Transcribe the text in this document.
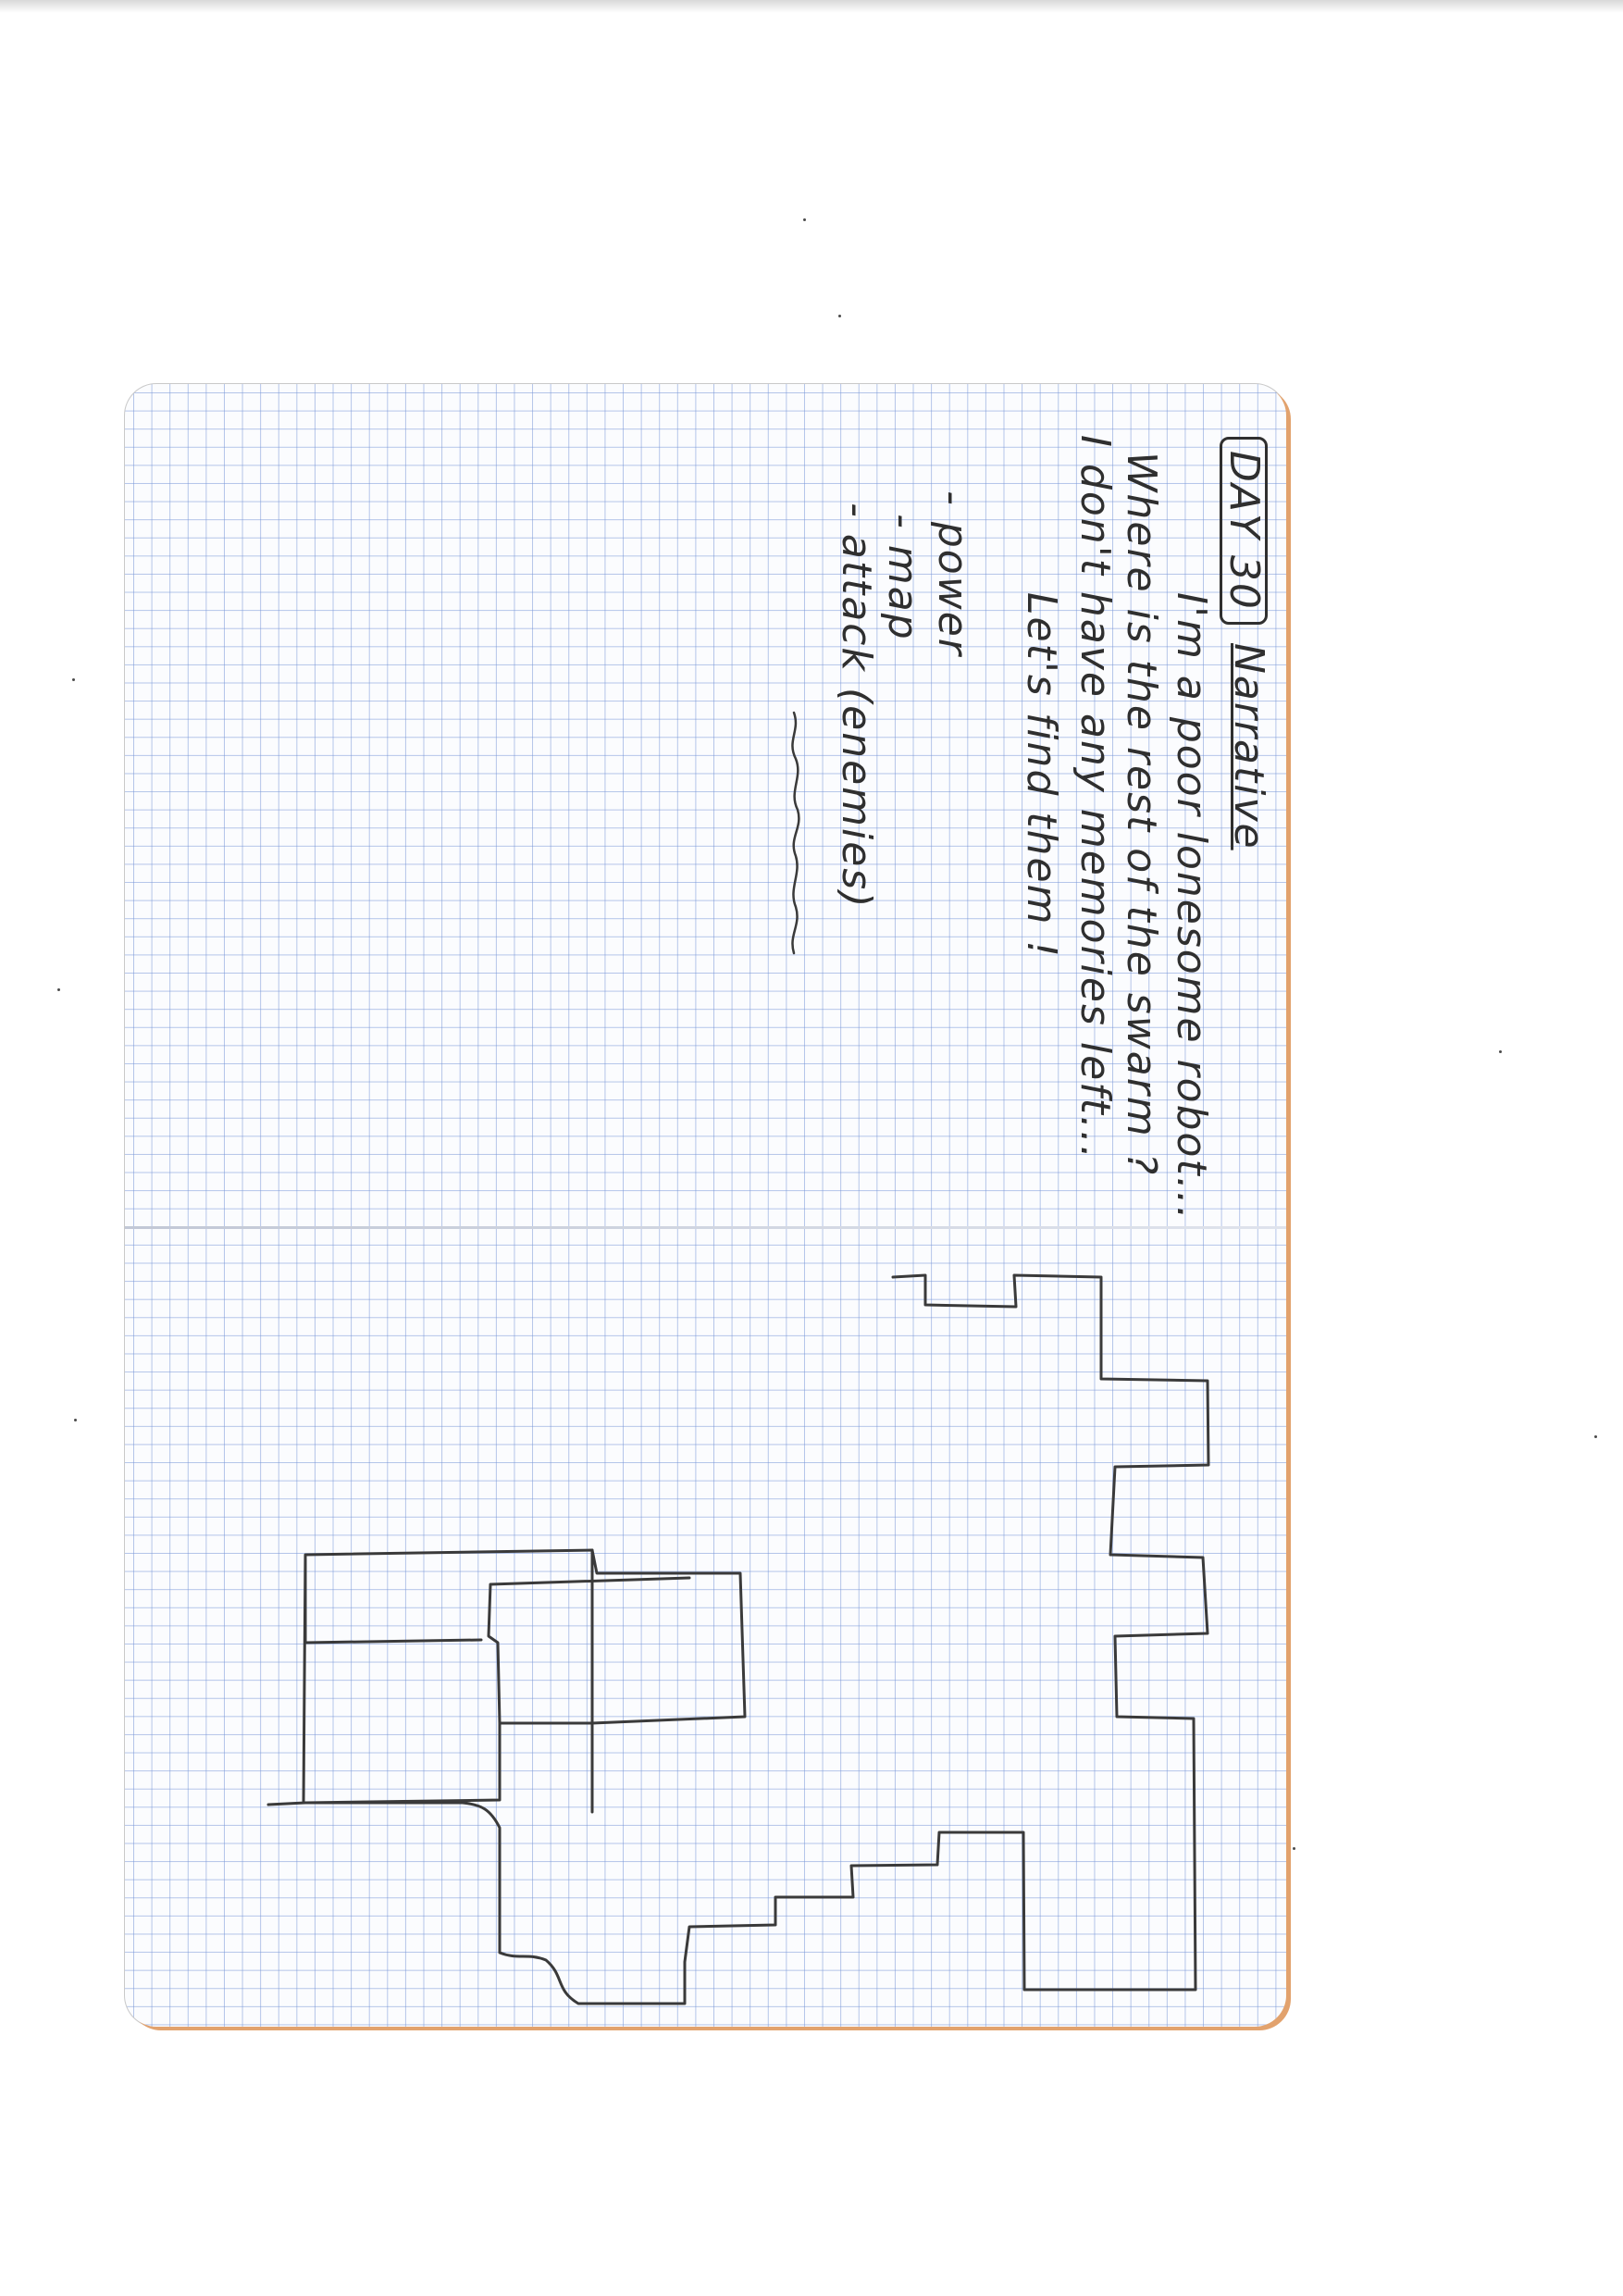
DAY 30
Narrative
I'm a poor lonesome robot...
Where is the rest of the swarm ?
I don't have any memories left...
Let's find them !
- power
- map
- attack (enemies)
